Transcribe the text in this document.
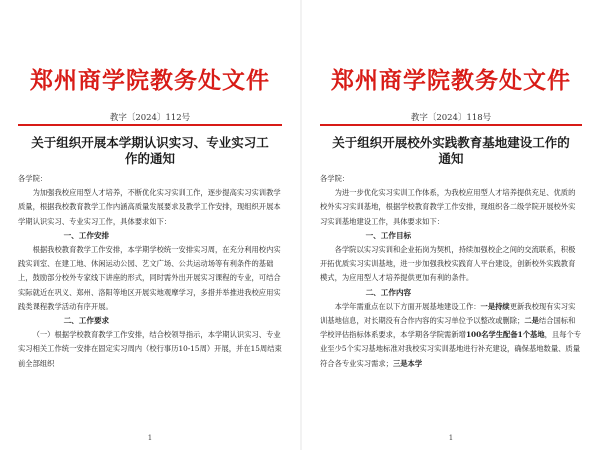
郑州商学院教务处文件
教字〔2024〕112号
关于组织开展本学期认识实习、专业实习工作的通知

各学院：

为加强我校应用型人才培养，不断优化实习实训工作，逐步提高实习实训教学质量，根据我校教育教学工作内涵高质量发展要求及教学工作安排，现组织开展本学期认识实习、专业实习工作，具体要求如下：

一、工作安排

根据我校教育教学工作安排，本学期学校统一安排实习周，在充分利用校内实践实训室、在建工地、休闲运动公园、艺文广场、公共运动场等有利条件的基础上，鼓励部分校外专家线下讲座的形式，同时需外出开展实习课程的专业，可结合实际就近在巩义、郑州、洛阳等地区开展实地观摩学习，多措并举推进我校应用实践类课程教学活动有序开展。

二、工作要求

（一）根据学校教育教学工作安排，结合校领导指示，本学期认识实习、专业实习相关工作统一安排在固定实习周内（校行事历10-15周）开展，并在15周结束前全部组织

1
郑州商学院教务处文件
教字〔2024〕118号
关于组织开展校外实践教育基地建设工作的通知

各学院：

为进一步优化实习实训工作体系，为我校应用型人才培养提供充足、优质的校外实习实训基地，根据学校教育教学工作安排，现组织各二级学院开展校外实习实训基地建设工作，具体要求如下：

一、工作目标

各学院以实习实训和企业拓岗为契机，持续加强校企之间的交流联系，积极开拓优质实习实训基地，进一步加强我校实践育人平台建设，创新校外实践教育模式，为应用型人才培养提供更加有利的条件。

二、工作内容

本学年需重点在以下方面开展基地建设工作：一是持续更新我校现有实习实训基地信息，对长期没有合作内容的实习单位予以整改或删除；二是结合国标和学校评估指标体系要求，本学期各学院需新增100名学生配备1个基地，且每个专业至少5个实习基地标准对我校实习实训基地进行补充建设，确保基地数量、质量符合各专业实习需求；三是本学

1
